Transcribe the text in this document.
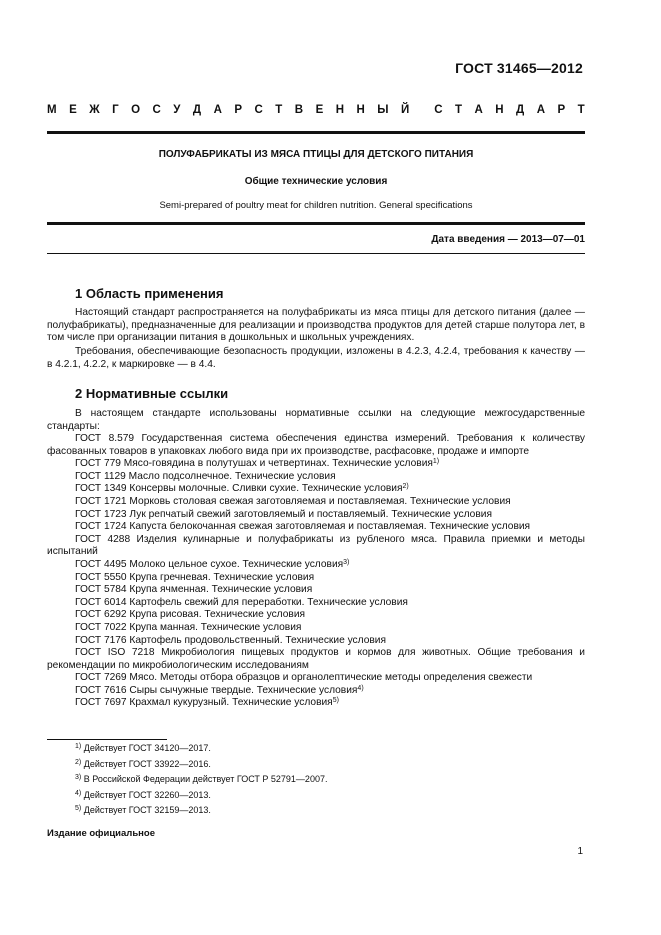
ГОСТ 31465—2012
М Е Ж Г О С У Д А Р С Т В Е Н Н Ы Й С Т А Н Д А Р Т
ПОЛУФАБРИКАТЫ ИЗ МЯСА ПТИЦЫ ДЛЯ ДЕТСКОГО ПИТАНИЯ
Общие технические условия
Semi-prepared of poultry meat for children nutrition. General specifications
Дата введения — 2013—07—01
1 Область применения
Настоящий стандарт распространяется на полуфабрикаты из мяса птицы для детского питания (далее — полуфабрикаты), предназначенные для реализации и производства продуктов для детей старше полутора лет, в том числе при организации питания в дошкольных и школьных учреждениях.
Требования, обеспечивающие безопасность продукции, изложены в 4.2.3, 4.2.4, требования к качеству — в 4.2.1, 4.2.2, к маркировке — в 4.4.
2 Нормативные ссылки
В настоящем стандарте использованы нормативные ссылки на следующие межгосударственные стандарты:
ГОСТ 8.579 Государственная система обеспечения единства измерений. Требования к количеству фасованных товаров в упаковках любого вида при их производстве, расфасовке, продаже и импорте
ГОСТ 779 Мясо-говядина в полутушах и четвертинах. Технические условия$^{1)}$
ГОСТ 1129 Масло подсолнечное. Технические условия
ГОСТ 1349 Консервы молочные. Сливки сухие. Технические условия$^{2)}$
ГОСТ 1721 Морковь столовая свежая заготовляемая и поставляемая. Технические условия
ГОСТ 1723 Лук репчатый свежий заготовляемый и поставляемый. Технические условия
ГОСТ 1724 Капуста белокочанная свежая заготовляемая и поставляемая. Технические условия
ГОСТ 4288 Изделия кулинарные и полуфабрикаты из рубленого мяса. Правила приемки и методы испытаний
ГОСТ 4495 Молоко цельное сухое. Технические условия$^{3)}$
ГОСТ 5550 Крупа гречневая. Технические условия
ГОСТ 5784 Крупа ячменная. Технические условия
ГОСТ 6014 Картофель свежий для переработки. Технические условия
ГОСТ 6292 Крупа рисовая. Технические условия
ГОСТ 7022 Крупа манная. Технические условия
ГОСТ 7176 Картофель продовольственный. Технические условия
ГОСТ ISO 7218 Микробиология пищевых продуктов и кормов для животных. Общие требования и рекомендации по микробиологическим исследованиям
ГОСТ 7269 Мясо. Методы отбора образцов и органолептические методы определения свежести
ГОСТ 7616 Сыры сычужные твердые. Технические условия$^{4)}$
ГОСТ 7697 Крахмал кукурузный. Технические условия$^{5)}$
$^{1)}$ Действует ГОСТ 34120—2017.
$^{2)}$ Действует ГОСТ 33922—2016.
$^{3)}$ В Российской Федерации действует ГОСТ Р 52791—2007.
$^{4)}$ Действует ГОСТ 32260—2013.
$^{5)}$ Действует ГОСТ 32159—2013.
Издание официальное
1
